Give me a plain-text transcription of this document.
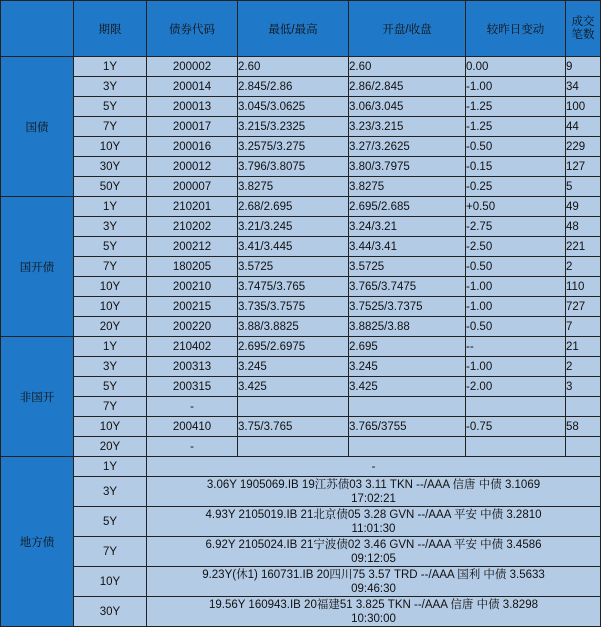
	期限	债券代码	最低/最高	开盘/收盘	较昨日变动	成交笔数
国债	1Y	200002	2.60	2.60	0.00	9
	3Y	200014	2.845/2.86	2.86/2.845	-1.00	34
	5Y	200013	3.045/3.0625	3.06/3.045	-1.25	100
	7Y	200017	3.215/3.2325	3.23/3.215	-1.25	44
	10Y	200016	3.2575/3.275	3.27/3.2625	-0.50	229
	30Y	200012	3.796/3.8075	3.80/3.7975	-0.15	127
	50Y	200007	3.8275	3.8275	-0.25	5
国开债	1Y	210201	2.68/2.695	2.695/2.685	+0.50	49
	3Y	210202	3.21/3.245	3.24/3.21	-2.75	48
	5Y	200212	3.41/3.445	3.44/3.41	-2.50	221
	7Y	180205	3.5725	3.5725	-0.50	2
	10Y	200210	3.7475/3.765	3.765/3.7475	-1.00	110
	10Y	200215	3.735/3.7575	3.7525/3.7375	-1.00	727
	20Y	200220	3.88/3.8825	3.8825/3.88	-0.50	7
非国开	1Y	210402	2.695/2.6975	2.695	--	21
	3Y	200313	3.245	3.245	-1.00	2
	5Y	200315	3.425	3.425	-2.00	3
	7Y	-				
	10Y	200410	3.75/3.765	3.765/3755	-0.75	58
	20Y	-				
地方债	1Y	-				
	3Y	3.06Y 1905069.IB 19江苏债03 3.11 TKN --/AAA 信唐 中债 3.1069
17:02:21				
	5Y	4.93Y 2105019.IB 21北京债05 3.28 GVN --/AAA 平安 中债 3.2810
11:01:30				
	7Y	6.92Y 2105024.IB 21宁波债02 3.46 GVN --/AAA 平安 中债 3.4586
09:12:05				
	10Y	9.23Y(休1) 160731.IB 20四川75 3.57 TRD --/AAA 国利 中债 3.5633
09:46:30				
	30Y	19.56Y 160943.IB 20福建51 3.825 TKN --/AAA 信唐 中债 3.8298
10:30:00				
